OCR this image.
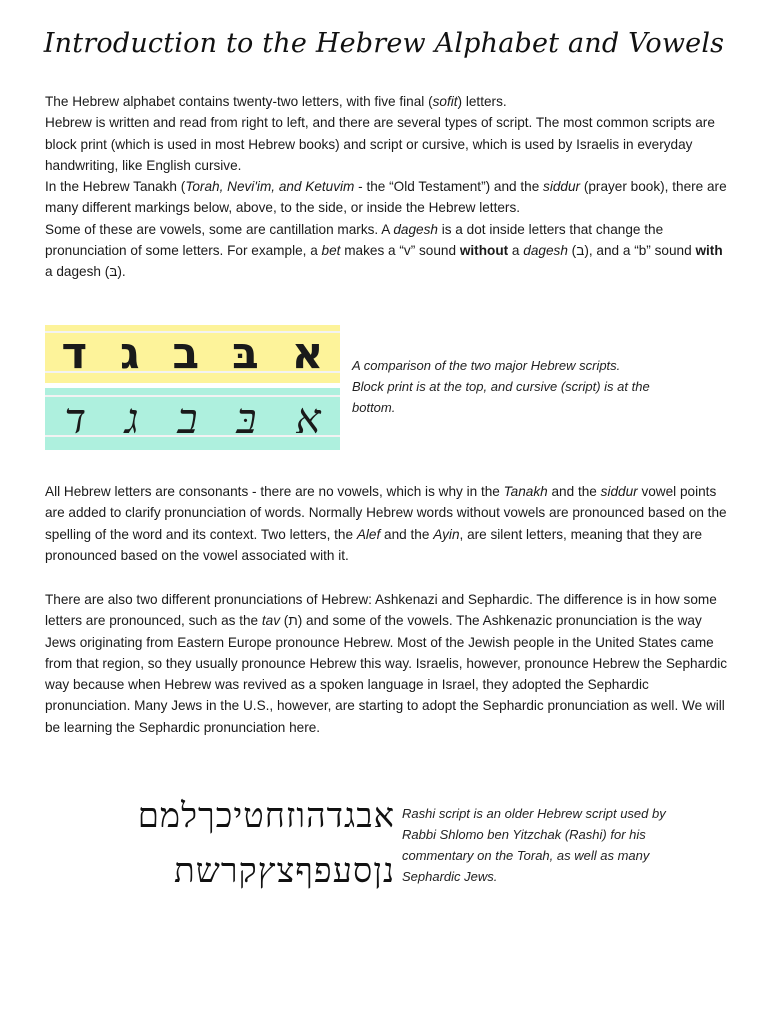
Introduction to the Hebrew Alphabet and Vowels

The Hebrew alphabet contains twenty-two letters, with five final (sofit) letters.

Hebrew is written and read from right to left, and there are several types of script. The most common scripts are block print (which is used in most Hebrew books) and script or cursive, which is used by Israelis in everyday handwriting, like English cursive.

In the Hebrew Tanakh (Torah, Nevi'im, and Ketuvim - the “Old Testament”) and the siddur (prayer book), there are many different markings below, above, to the side, or inside the Hebrew letters.

Some of these are vowels, some are cantillation marks. A dagesh is a dot inside letters that change the pronunciation of some letters. For example, a bet makes a “v” sound without a dagesh (ב), and a “b” sound with a dagesh (בּ).

ד ג ב בּ א
ד ג ב בּ א

A comparison of the two major Hebrew scripts.

Block print is at the top, and cursive (script) is at the

bottom.

All Hebrew letters are consonants - there are no vowels, which is why in the Tanakh and the siddur vowel points are added to clarify pronunciation of words. Normally Hebrew words without vowels are pronounced based on the spelling of the word and its context. Two letters, the Alef and the Ayin, are silent letters, meaning that they are pronounced based on the vowel associated with it.

There are also two different pronunciations of Hebrew: Ashkenazi and Sephardic. The difference is in how some letters are pronounced, such as the tav (ת) and some of the vowels. The Ashkenazic pronunciation is the way Jews originating from Eastern Europe pronounce Hebrew. Most of the Jewish people in the United States came from that region, so they usually pronounce Hebrew this way. Israelis, however, pronounce Hebrew the Sephardic way because when Hebrew was revived as a spoken language in Israel, they adopted the Sephardic pronunciation. Many Jews in the U.S., however, are starting to adopt the Sephardic pronunciation as well. We will be learning the Sephardic pronunciation here.

אבגדהוזחטיכךלמם
נןסעפףצץקרשת

Rashi script is an older Hebrew script used by

Rabbi Shlomo ben Yitzchak (Rashi) for his

commentary on the Torah, as well as many

Sephardic Jews.
